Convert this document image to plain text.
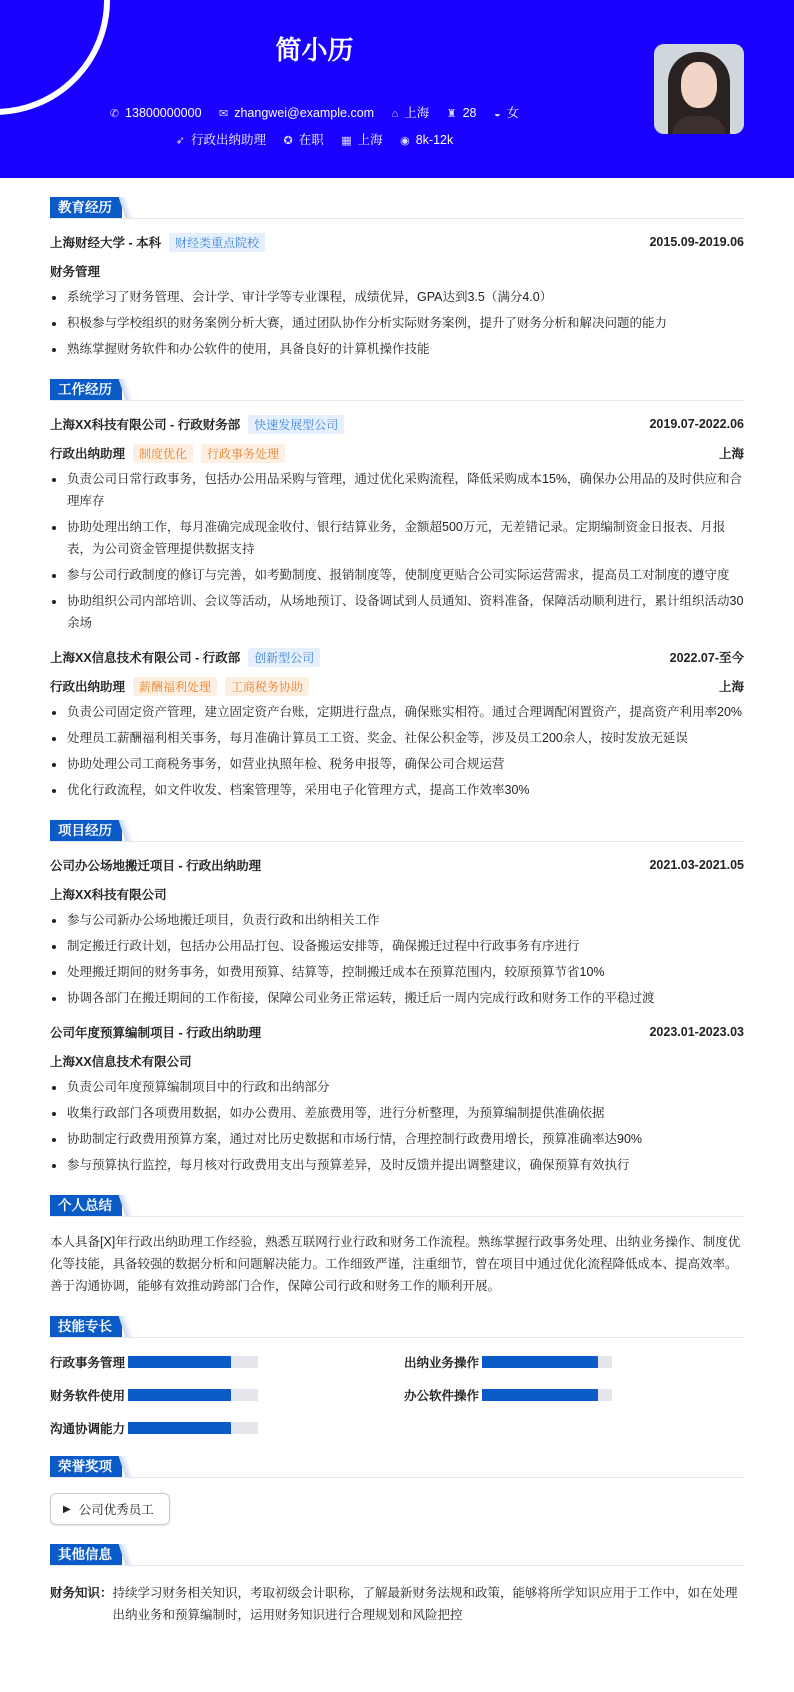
简小历
✆ 13800000000 ✉ zhangwei@example.com ⌂ 上海 ♜ 28 ◒ 女
➶ 行政出纳助理 ✪ 在职 ▦ 上海 ◉ 8k-12k
教育经历
上海财经大学 - 本科 财经类重点院校	2015.09-2019.06
财务管理
系统学习了财务管理、会计学、审计学等专业课程，成绩优异，GPA达到3.5（满分4.0）
积极参与学校组织的财务案例分析大赛，通过团队协作分析实际财务案例，提升了财务分析和解决问题的能力
熟练掌握财务软件和办公软件的使用，具备良好的计算机操作技能
工作经历
上海XX科技有限公司 - 行政财务部 快速发展型公司	2019.07-2022.06
行政出纳助理 制度优化 行政事务处理	上海
负责公司日常行政事务，包括办公用品采购与管理，通过优化采购流程，降低采购成本15%，确保办公用品的及时供应和合理库存
协助处理出纳工作，每月准确完成现金收付、银行结算业务，金额超500万元，无差错记录。定期编制资金日报表、月报表，为公司资金管理提供数据支持
参与公司行政制度的修订与完善，如考勤制度、报销制度等，使制度更贴合公司实际运营需求，提高员工对制度的遵守度
协助组织公司内部培训、会议等活动，从场地预订、设备调试到人员通知、资料准备，保障活动顺利进行，累计组织活动30余场
上海XX信息技术有限公司 - 行政部 创新型公司	2022.07-至今
行政出纳助理 薪酬福利处理 工商税务协助	上海
负责公司固定资产管理，建立固定资产台账，定期进行盘点，确保账实相符。通过合理调配闲置资产，提高资产利用率20%
处理员工薪酬福利相关事务，每月准确计算员工工资、奖金、社保公积金等，涉及员工200余人，按时发放无延误
协助处理公司工商税务事务，如营业执照年检、税务申报等，确保公司合规运营
优化行政流程，如文件收发、档案管理等，采用电子化管理方式，提高工作效率30%
项目经历
公司办公场地搬迁项目 - 行政出纳助理	2021.03-2021.05
上海XX科技有限公司
参与公司新办公场地搬迁项目，负责行政和出纳相关工作
制定搬迁行政计划，包括办公用品打包、设备搬运安排等，确保搬迁过程中行政事务有序进行
处理搬迁期间的财务事务，如费用预算、结算等，控制搬迁成本在预算范围内，较原预算节省10%
协调各部门在搬迁期间的工作衔接，保障公司业务正常运转，搬迁后一周内完成行政和财务工作的平稳过渡
公司年度预算编制项目 - 行政出纳助理	2023.01-2023.03
上海XX信息技术有限公司
负责公司年度预算编制项目中的行政和出纳部分
收集行政部门各项费用数据，如办公费用、差旅费用等，进行分析整理，为预算编制提供准确依据
协助制定行政费用预算方案，通过对比历史数据和市场行情，合理控制行政费用增长，预算准确率达90%
参与预算执行监控，每月核对行政费用支出与预算差异，及时反馈并提出调整建议，确保预算有效执行
个人总结
本人具备[X]年行政出纳助理工作经验，熟悉互联网行业行政和财务工作流程。熟练掌握行政事务处理、出纳业务操作、制度优化等技能，具备较强的数据分析和问题解决能力。工作细致严谨，注重细节，曾在项目中通过优化流程降低成本、提高效率。善于沟通协调，能够有效推动跨部门合作，保障公司行政和财务工作的顺利开展。
技能专长
行政事务管理	出纳业务操作
财务软件使用	办公软件操作
沟通协调能力
荣誉奖项
▶ 公司优秀员工
其他信息
财务知识： 持续学习财务相关知识，考取初级会计职称，了解最新财务法规和政策，能够将所学知识应用于工作中，如在处理出纳业务和预算编制时，运用财务知识进行合理规划和风险把控
